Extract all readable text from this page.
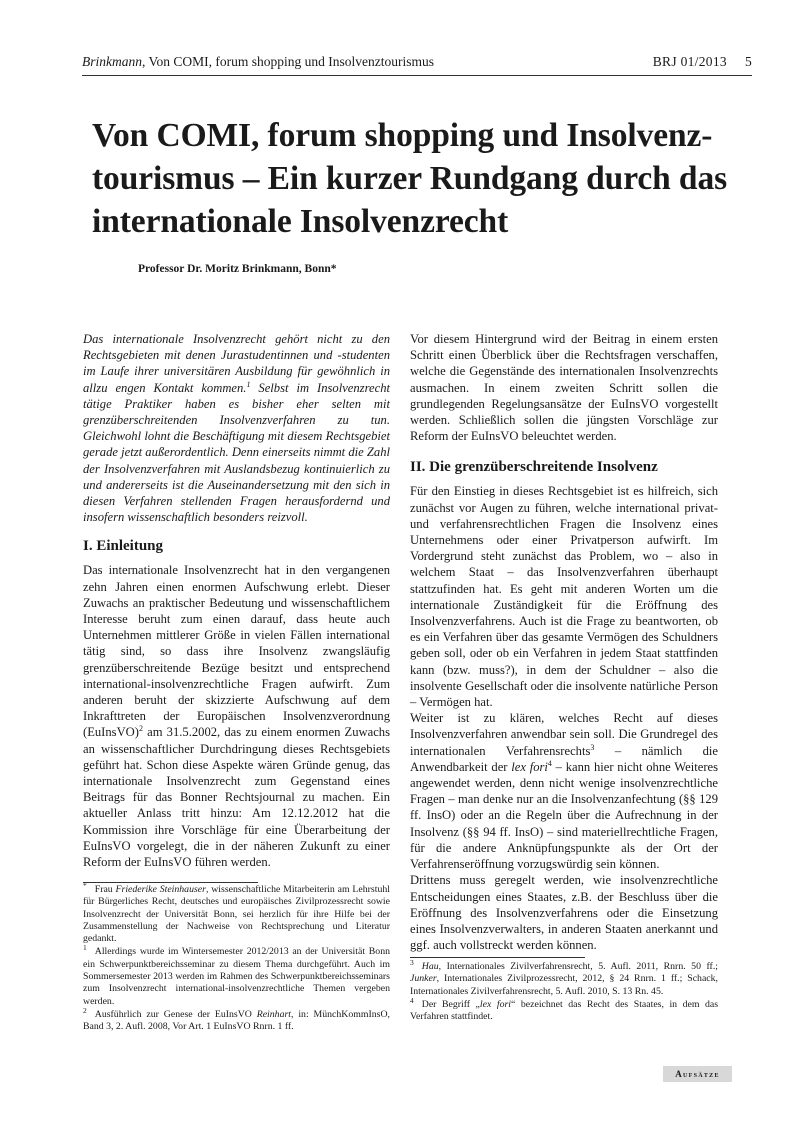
Brinkmann, Von COMI, forum shopping und Insolvenztourismus	BRJ 01/2013 5
Von COMI, forum shopping und Insolvenz-tourismus – Ein kurzer Rundgang durch das internationale Insolvenzrecht
Professor Dr. Moritz Brinkmann, Bonn*

Das internationale Insolvenzrecht gehört nicht zu den Rechtsgebieten mit denen Jurastudentinnen und -studenten im Laufe ihrer universitären Ausbildung für gewöhnlich in allzu engen Kontakt kommen.$^1$ Selbst im Insolvenzrecht tätige Praktiker haben es bisher eher selten mit grenzüberschreitenden Insolvenzverfahren zu tun. Gleichwohl lohnt die Beschäftigung mit diesem Rechtsgebiet gerade jetzt außerordentlich. Denn einerseits nimmt die Zahl der Insolvenzverfahren mit Auslandsbezug kontinuierlich zu und andererseits ist die Auseinandersetzung mit den sich in diesen Verfahren stellenden Fragen herausfordernd und insofern wissenschaftlich besonders reizvoll.

I. Einleitung

Das internationale Insolvenzrecht hat in den vergangenen zehn Jahren einen enormen Aufschwung erlebt. Dieser Zuwachs an praktischer Bedeutung und wissenschaftlichem Interesse beruht zum einen darauf, dass heute auch Unternehmen mittlerer Größe in vielen Fällen international tätig sind, so dass ihre Insolvenz zwangsläufig grenzüberschreitende Bezüge besitzt und entsprechend international-insolvenzrechtliche Fragen aufwirft. Zum anderen beruht der skizzierte Aufschwung auf dem Inkrafttreten der Europäischen Insolvenzverordnung (EuInsVO)$^2$ am 31.5.2002, das zu einem enormen Zuwachs an wissenschaftlicher Durchdringung dieses Rechtsgebiets geführt hat. Schon diese Aspekte wären Gründe genug, das internationale Insolvenzrecht zum Gegenstand eines Beitrags für das Bonner Rechtsjournal zu machen. Ein aktueller Anlass tritt hinzu: Am 12.12.2012 hat die Kommission ihre Vorschläge für eine Überarbeitung der EuInsVO vorgelegt, die in der näheren Zukunft zu einer Reform der EuInsVO führen werden.

Vor diesem Hintergrund wird der Beitrag in einem ersten Schritt einen Überblick über die Rechtsfragen verschaffen, welche die Gegenstände des internationalen Insolvenzrechts ausmachen. In einem zweiten Schritt sollen die grundlegenden Regelungsansätze der EuInsVO vorgestellt werden. Schließlich sollen die jüngsten Vorschläge zur Reform der EuInsVO beleuchtet werden.

II. Die grenzüberschreitende Insolvenz

Für den Einstieg in dieses Rechtsgebiet ist es hilfreich, sich zunächst vor Augen zu führen, welche international privat- und verfahrensrechtlichen Fragen die Insolvenz eines Unternehmens oder einer Privatperson aufwirft. Im Vordergrund steht zunächst das Problem, wo – also in welchem Staat – das Insolvenzverfahren überhaupt stattzufinden hat. Es geht mit anderen Worten um die internationale Zuständigkeit für die Eröffnung des Insolvenzverfahrens. Auch ist die Frage zu beantworten, ob es ein Verfahren über das gesamte Vermögen des Schuldners geben soll, oder ob ein Verfahren in jedem Staat stattfinden kann (bzw. muss?), in dem der Schuldner – also die insolvente Gesellschaft oder die insolvente natürliche Person – Vermögen hat.

Weiter ist zu klären, welches Recht auf dieses Insolvenzverfahren anwendbar sein soll. Die Grundregel des internationalen Verfahrensrechts$^3$ – nämlich die Anwendbarkeit der lex fori$^4$ – kann hier nicht ohne Weiteres angewendet werden, denn nicht wenige insolvenzrechtliche Fragen – man denke nur an die Insolvenzanfechtung (§§ 129 ff. InsO) oder an die Regeln über die Aufrechnung in der Insolvenz (§§ 94 ff. InsO) – sind materiellrechtliche Fragen, für die andere Anknüpfungspunkte als der Ort der Verfahrenseröffnung vorzugswürdig sein können.

Drittens muss geregelt werden, wie insolvenzrechtliche Entscheidungen eines Staates, z.B. der Beschluss über die Eröffnung des Insolvenzverfahrens oder die Einsetzung eines Insolvenzverwalters, in anderen Staaten anerkannt und ggf. auch vollstreckt werden können.

* Frau Friederike Steinhauser, wissenschaftliche Mitarbeiterin am Lehrstuhl für Bürgerliches Recht, deutsches und europäisches Zivilprozessrecht sowie Insolvenzrecht der Universität Bonn, sei herzlich für ihre Hilfe bei der Zusammenstellung der Nachweise von Rechtsprechung und Literatur gedankt.

$^1$ Allerdings wurde im Wintersemester 2012/2013 an der Universität Bonn ein Schwerpunktbereichsseminar zu diesem Thema durchgeführt. Auch im Sommersemester 2013 werden im Rahmen des Schwerpunktbereichsseminars zum Insolvenzrecht international-insolvenzrechtliche Themen vergeben werden.

$^2$ Ausführlich zur Genese der EuInsVO Reinhart, in: MünchKommInsO, Band 3, 2. Aufl. 2008, Vor Art. 1 EuInsVO Rnrn. 1 ff.

$^3$ Hau, Internationales Zivilverfahrensrecht, 5. Aufl. 2011, Rnrn. 50 ff.; Junker, Internationales Zivilprozessrecht, 2012, § 24 Rnrn. 1 ff.; Schack, Internationales Zivilverfahrensrecht, 5. Aufl. 2010, S. 13 Rn. 45.

$^4$ Der Begriff „lex fori“ bezeichnet das Recht des Staates, in dem das Verfahren stattfindet.

Aufsätze
